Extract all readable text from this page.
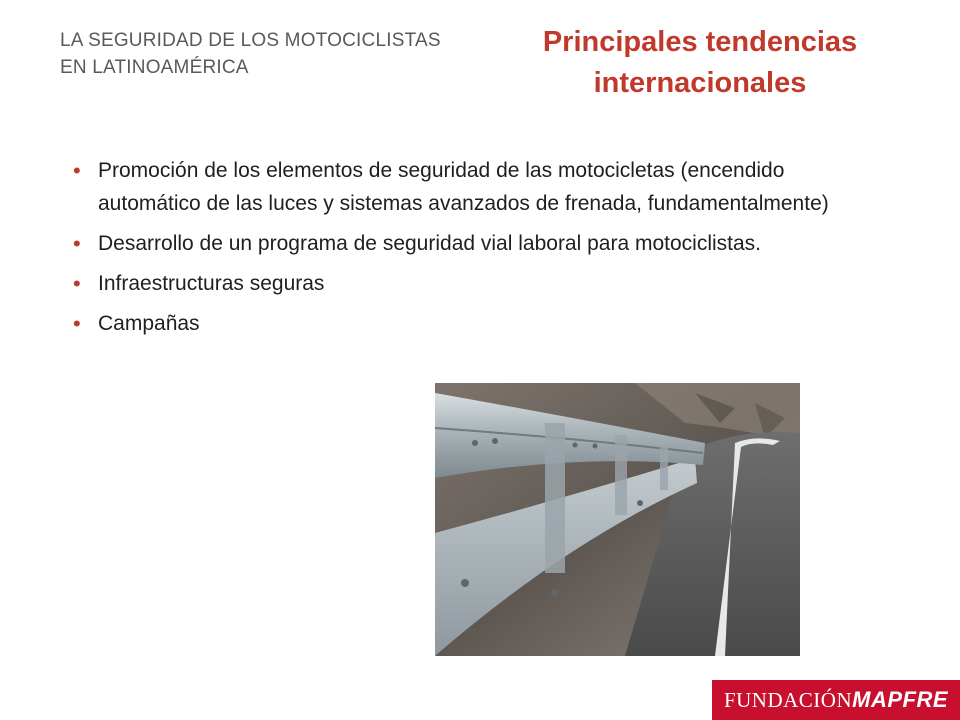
LA SEGURIDAD DE LOS MOTOCICLISTAS
EN LATINOAMÉRICA
Principales tendencias
internacionales
• Promoción de los elementos de seguridad de las motocicletas (encendido automático de las luces y sistemas avanzados de frenada, fundamentalmente)
• Desarrollo de un programa de seguridad vial laboral para motociclistas.
• Infraestructuras seguras
• Campañas
FUNDACIÓN MAPFRE
